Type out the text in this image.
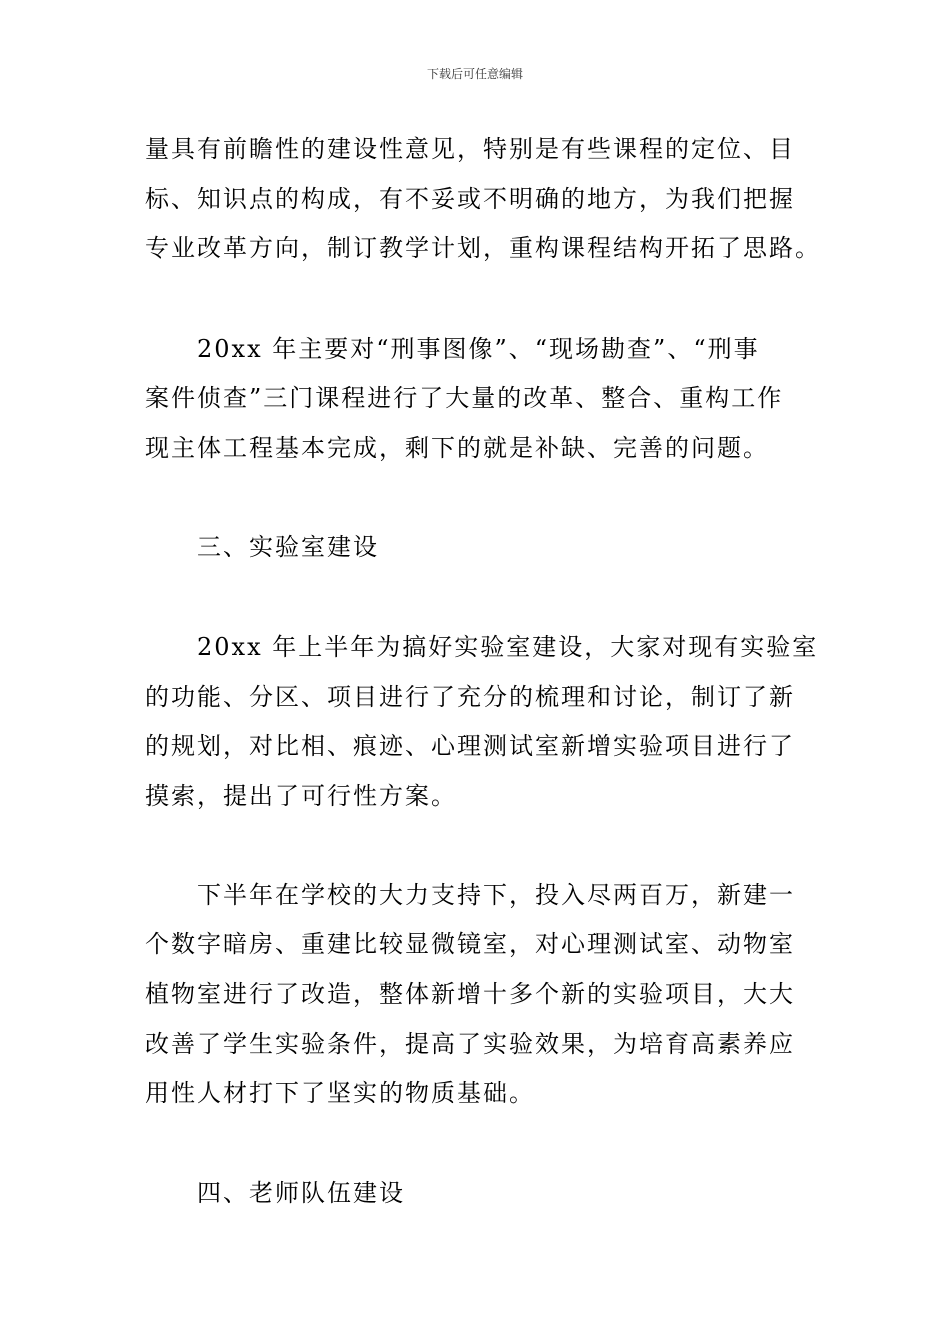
下载后可任意编辑
量具有前瞻性的建设性意见，特别是有些课程的定位、目
标、知识点的构成，有不妥或不明确的地方，为我们把握
专业改革方向，制订教学计划，重构课程结构开拓了思路。
20xx 年主要对“刑事图像”、“现场勘查”、“刑事
案件侦查”三门课程进行了大量的改革、整合、重构工作
现主体工程基本完成，剩下的就是补缺、完善的问题。
三、实验室建设
20xx 年上半年为搞好实验室建设，大家对现有实验室
的功能、分区、项目进行了充分的梳理和讨论，制订了新
的规划，对比相、痕迹、心理测试室新增实验项目进行了
摸索，提出了可行性方案。
下半年在学校的大力支持下，投入尽两百万，新建一
个数字暗房、重建比较显微镜室，对心理测试室、动物室
植物室进行了改造，整体新增十多个新的实验项目，大大
改善了学生实验条件，提高了实验效果，为培育高素养应
用性人材打下了坚实的物质基础。
四、老师队伍建设
